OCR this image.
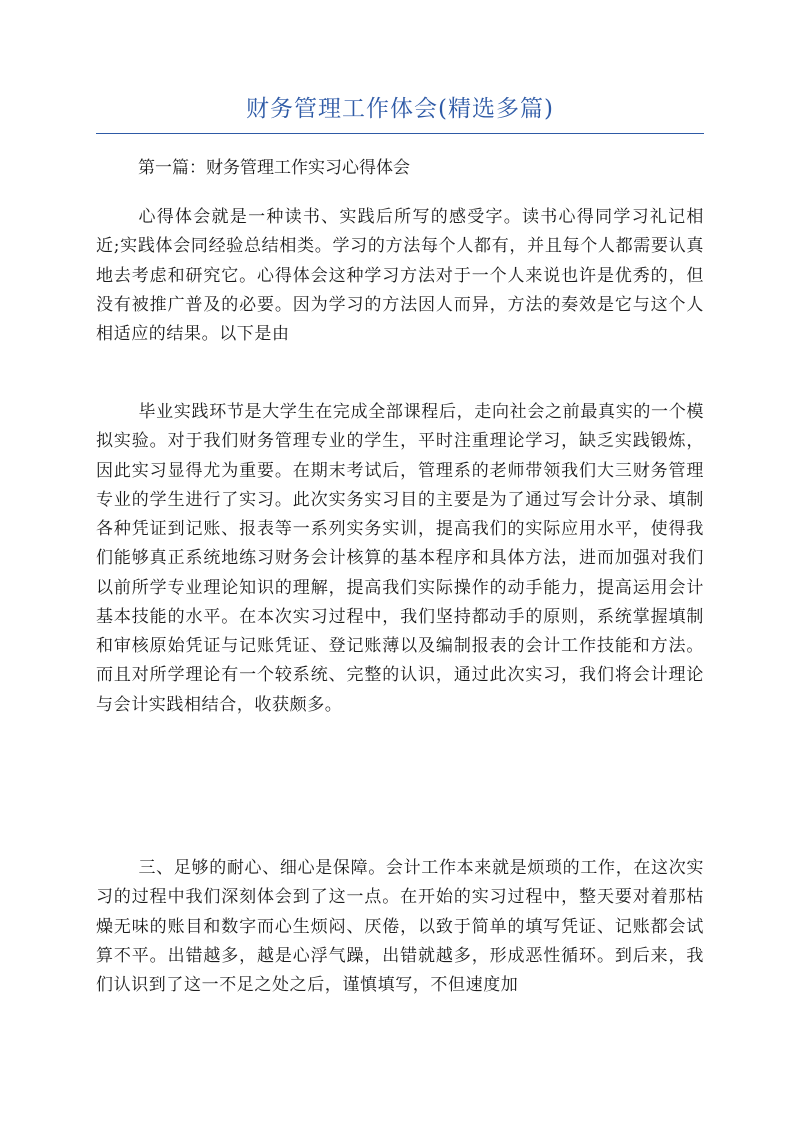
财务管理工作体会(精选多篇)
第一篇：财务管理工作实习心得体会

心得体会就是一种读书、实践后所写的感受字。读书心得同学习礼记相近;实践体会同经验总结相类。学习的方法每个人都有，并且每个人都需要认真地去考虑和研究它。心得体会这种学习方法对于一个人来说也许是优秀的，但没有被推广普及的必要。因为学习的方法因人而异，方法的奏效是它与这个人相适应的结果。以下是由

毕业实践环节是大学生在完成全部课程后，走向社会之前最真实的一个模拟实验。对于我们财务管理专业的学生，平时注重理论学习，缺乏实践锻炼，因此实习显得尤为重要。在期末考试后，管理系的老师带领我们大三财务管理专业的学生进行了实习。此次实务实习目的主要是为了通过写会计分录、填制各种凭证到记账、报表等一系列实务实训，提高我们的实际应用水平，使得我们能够真正系统地练习财务会计核算的基本程序和具体方法，进而加强对我们以前所学专业理论知识的理解，提高我们实际操作的动手能力，提高运用会计基本技能的水平。在本次实习过程中，我们坚持都动手的原则，系统掌握填制和审核原始凭证与记账凭证、登记账薄以及编制报表的会计工作技能和方法。而且对所学理论有一个较系统、完整的认识，通过此次实习，我们将会计理论与会计实践相结合，收获颇多。

三、足够的耐心、细心是保障。会计工作本来就是烦琐的工作，在这次实习的过程中我们深刻体会到了这一点。在开始的实习过程中，整天要对着那枯燥无味的账目和数字而心生烦闷、厌倦，以致于简单的填写凭证、记账都会试算不平。出错越多，越是心浮气躁，出错就越多，形成恶性循环。到后来，我们认识到了这一不足之处之后，谨慎填写，不但速度加
